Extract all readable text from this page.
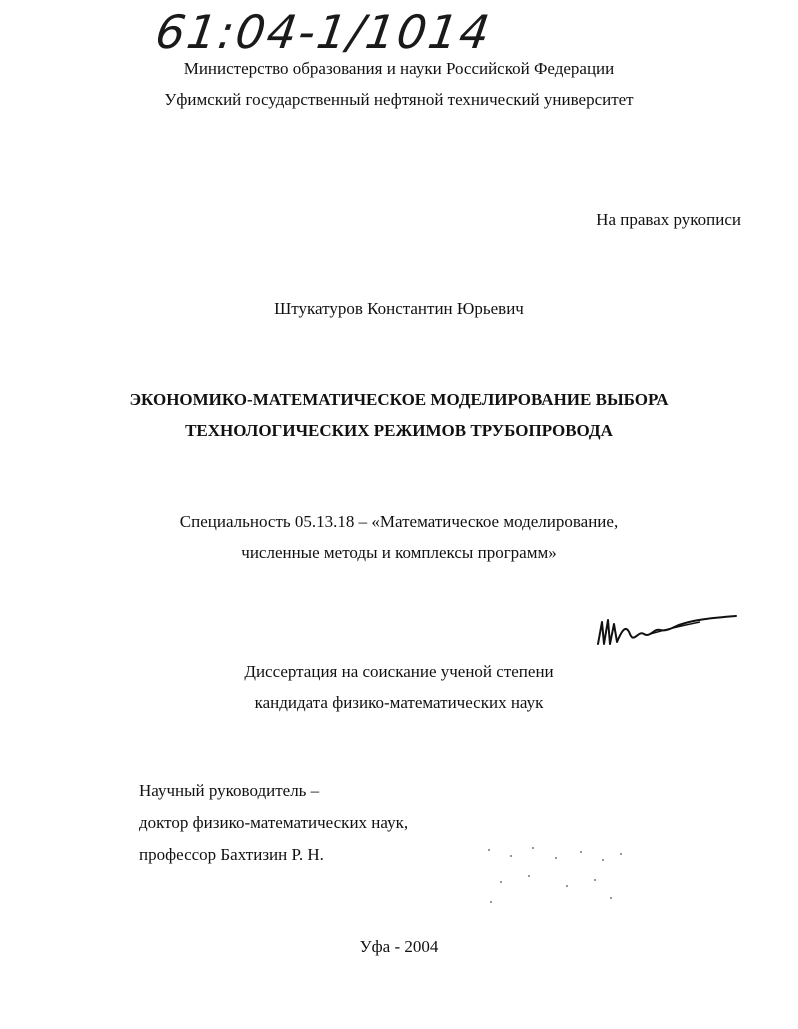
61:04-1/1014
Министерство образования и науки Российской Федерации
Уфимский государственный нефтяной технический университет
На правах рукописи
Штукатуров Константин Юрьевич
ЭКОНОМИКО-МАТЕМАТИЧЕСКОЕ МОДЕЛИРОВАНИЕ ВЫБОРА
ТЕХНОЛОГИЧЕСКИХ РЕЖИМОВ ТРУБОПРОВОДА
Специальность 05.13.18 – «Математическое моделирование,
численные методы и комплексы программ»
Диссертация на соискание ученой степени
кандидата физико-математических наук
Научный руководитель –
доктор физико-математических наук,
профессор Бахтизин Р. Н.
Уфа - 2004
